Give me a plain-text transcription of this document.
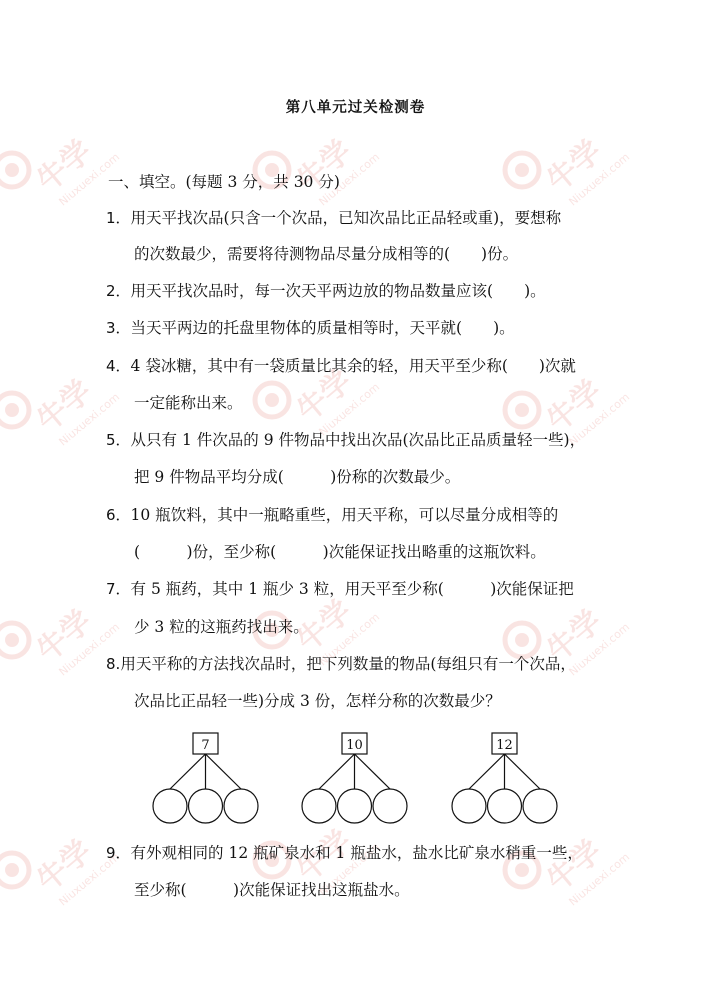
第八单元过关检测卷
一、填空。(每题 3 分，共 30 分)
1．用天平找次品(只含一个次品，已知次品比正品轻或重)，要想称
的次数最少，需要将待测物品尽量分成相等的(　　)份。
2．用天平找次品时，每一次天平两边放的物品数量应该(　　)。
3．当天平两边的托盘里物体的质量相等时，天平就(　　)。
4．4 袋冰糖，其中有一袋质量比其余的轻，用天平至少称(　　)次就
一定能称出来。
5．从只有 1 件次品的 9 件物品中找出次品(次品比正品质量轻一些)，
把 9 件物品平均分成(　　　)份称的次数最少。
6．10 瓶饮料，其中一瓶略重些，用天平称，可以尽量分成相等的
(　　　)份，至少称(　　　)次能保证找出略重的这瓶饮料。
7．有 5 瓶药，其中 1 瓶少 3 粒，用天平至少称(　　　)次能保证把
少 3 粒的这瓶药找出来。
8.用天平称的方法找次品时，把下列数量的物品(每组只有一个次品，
次品比正品轻一些)分成 3 份，怎样分称的次数最少？
7	10	12
9．有外观相同的 12 瓶矿泉水和 1 瓶盐水，盐水比矿泉水稍重一些，
至少称(　　　)次能保证找出这瓶盐水。
